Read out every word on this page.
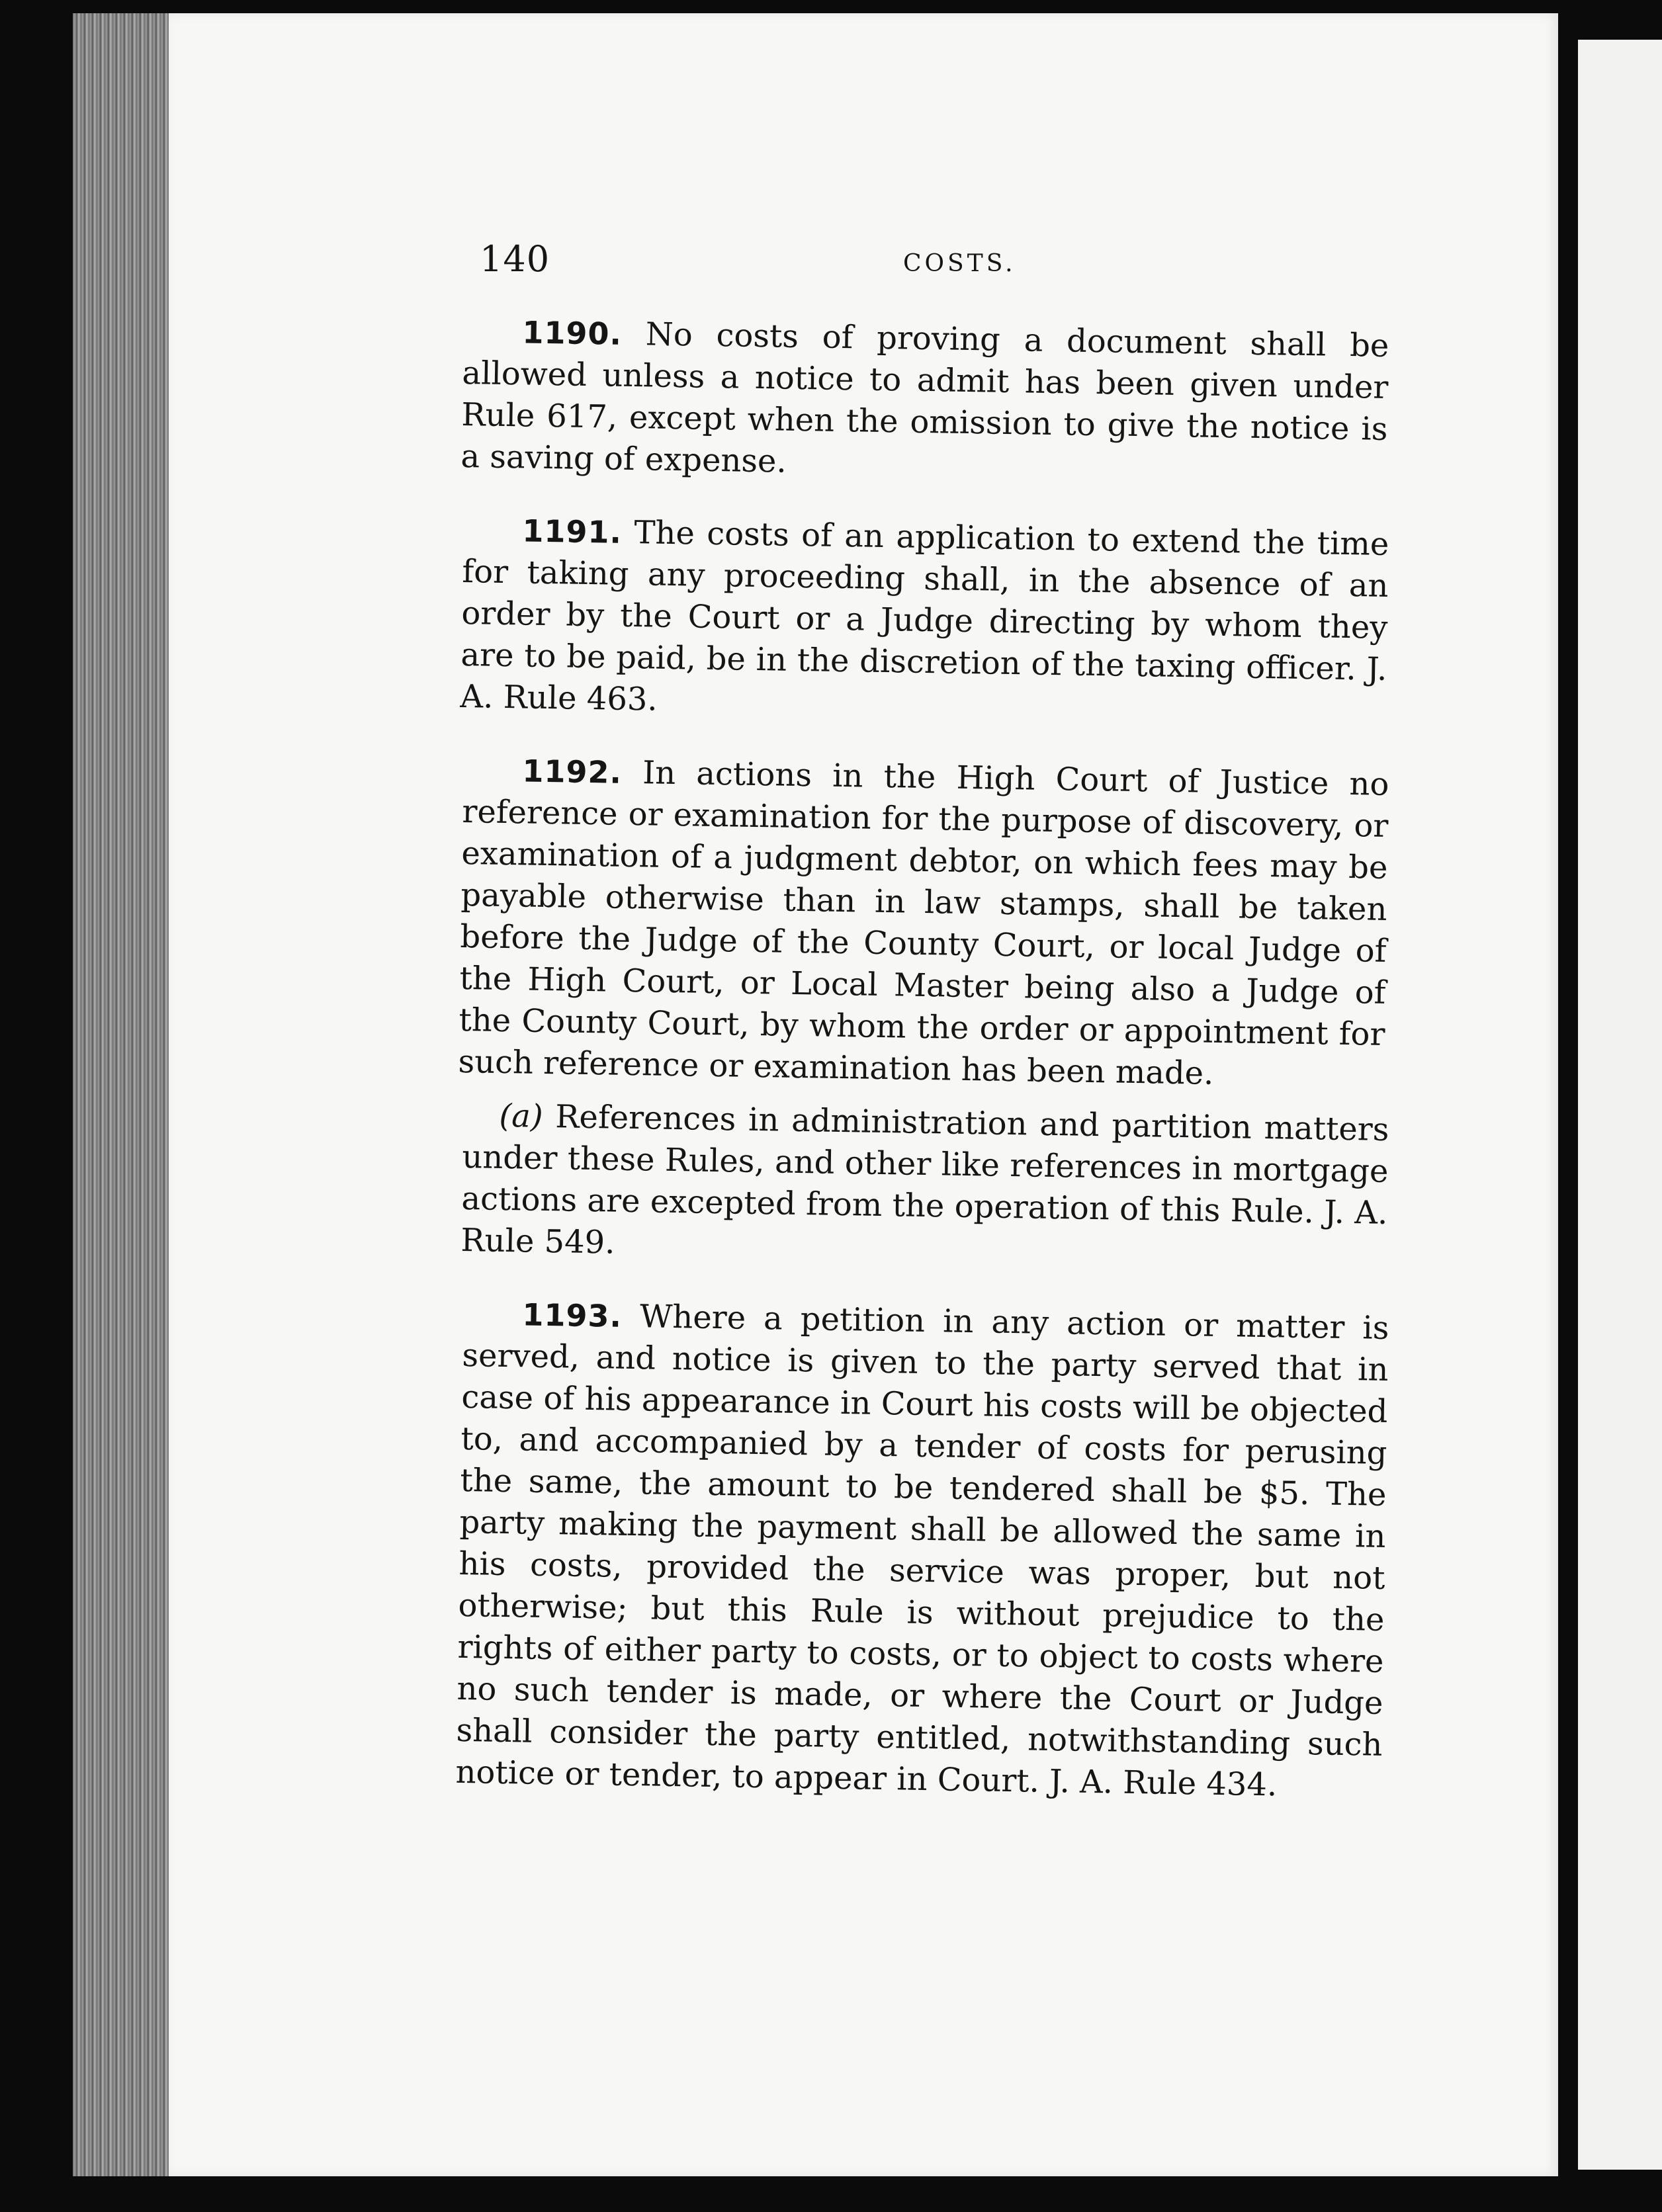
140	COSTS.

1190. No costs of proving a document shall be allowed unless a notice to admit has been given under Rule 617, except when the omission to give the notice is a saving of expense.

1191. The costs of an application to extend the time for taking any proceeding shall, in the absence of an order by the Court or a Judge directing by whom they are to be paid, be in the discretion of the taxing officer. J. A. Rule 463.

1192. In actions in the High Court of Justice no reference or examination for the purpose of discovery, or examination of a judgment debtor, on which fees may be payable otherwise than in law stamps, shall be taken before the Judge of the County Court, or local Judge of the High Court, or Local Master being also a Judge of the County Court, by whom the order or appointment for such reference or examination has been made.

(a) References in administration and partition matters under these Rules, and other like references in mortgage actions are excepted from the operation of this Rule. J. A. Rule 549.

1193. Where a petition in any action or matter is served, and notice is given to the party served that in case of his appearance in Court his costs will be objected to, and accompanied by a tender of costs for perusing the same, the amount to be tendered shall be $5. The party making the payment shall be allowed the same in his costs, provided the service was proper, but not otherwise; but this Rule is without prejudice to the rights of either party to costs, or to object to costs where no such tender is made, or where the Court or Judge shall consider the party entitled, notwithstanding such notice or tender, to appear in Court. J. A. Rule 434.
